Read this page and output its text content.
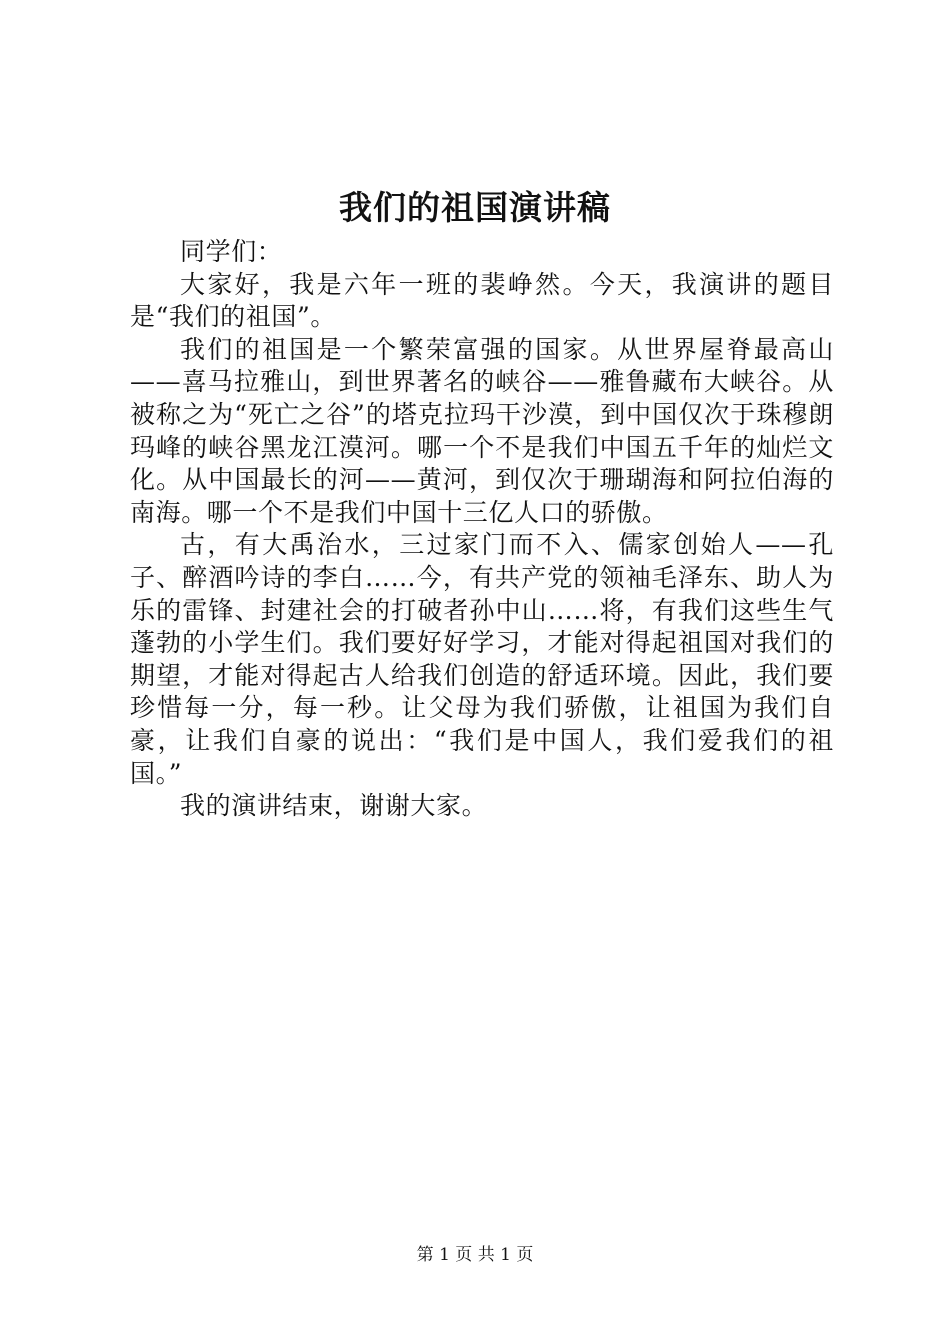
我们的祖国演讲稿

同学们：

大家好，我是六年一班的裴峥然。今天，我演讲的题目是“我们的祖国”。

我们的祖国是一个繁荣富强的国家。从世界屋脊最高山——喜马拉雅山，到世界著名的峡谷——雅鲁藏布大峡谷。从被称之为“死亡之谷”的塔克拉玛干沙漠，到中国仅次于珠穆朗玛峰的峡谷黑龙江漠河。哪一个不是我们中国五千年的灿烂文化。从中国最长的河——黄河，到仅次于珊瑚海和阿拉伯海的南海。哪一个不是我们中国十三亿人口的骄傲。

古，有大禹治水，三过家门而不入、儒家创始人——孔子、醉酒吟诗的李白……今，有共产党的领袖毛泽东、助人为乐的雷锋、封建社会的打破者孙中山……将，有我们这些生气蓬勃的小学生们。我们要好好学习，才能对得起祖国对我们的期望，才能对得起古人给我们创造的舒适环境。因此，我们要珍惜每一分，每一秒。让父母为我们骄傲，让祖国为我们自豪，让我们自豪的说出：“我们是中国人，我们爱我们的祖国。”

我的演讲结束，谢谢大家。

第 1 页 共 1 页
